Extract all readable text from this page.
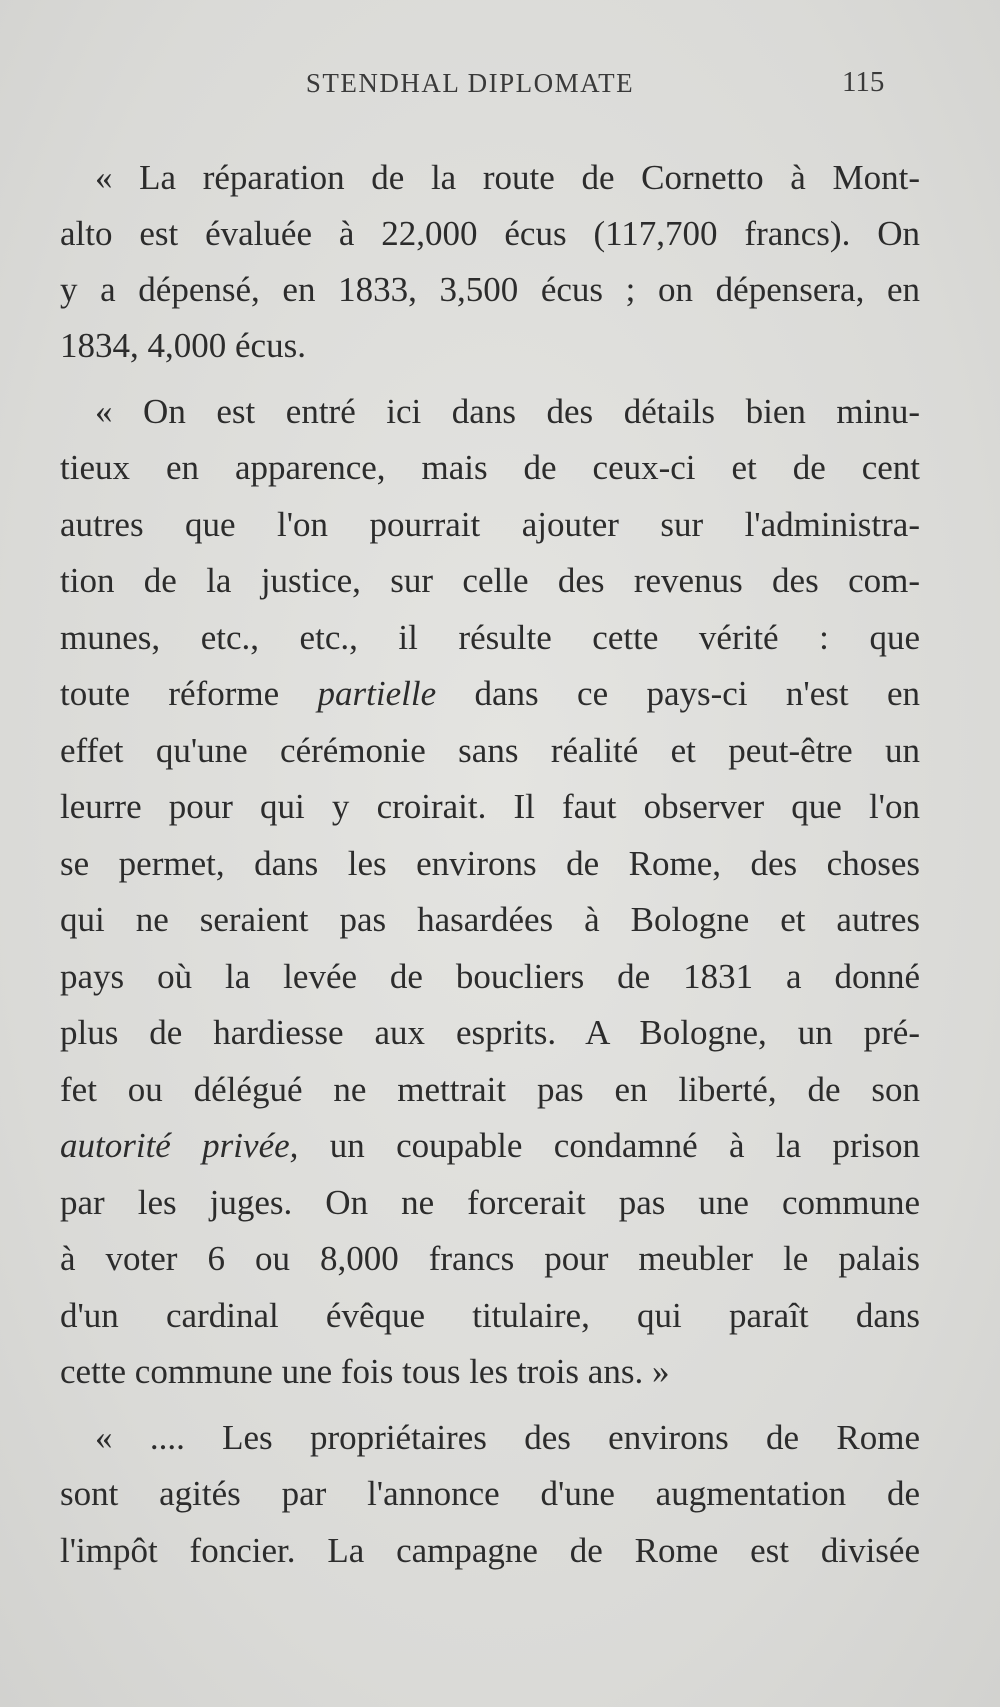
STENDHAL DIPLOMATE	115
« La réparation de la route de Cornetto à Mont-
alto est évaluée à 22,000 écus (117,700 francs). On
y a dépensé, en 1833, 3,500 écus ; on dépensera, en
1834, 4,000 écus.
« On est entré ici dans des détails bien minu-
tieux en apparence, mais de ceux-ci et de cent
autres que l'on pourrait ajouter sur l'administra-
tion de la justice, sur celle des revenus des com-
munes, etc., etc., il résulte cette vérité : que
toute réforme partielle dans ce pays-ci n'est en
effet qu'une cérémonie sans réalité et peut-être un
leurre pour qui y croirait. Il faut observer que l'on
se permet, dans les environs de Rome, des choses
qui ne seraient pas hasardées à Bologne et autres
pays où la levée de boucliers de 1831 a donné
plus de hardiesse aux esprits. A Bologne, un pré-
fet ou délégué ne mettrait pas en liberté, de son
autorité privée, un coupable condamné à la prison
par les juges. On ne forcerait pas une commune
à voter 6 ou 8,000 francs pour meubler le palais
d'un cardinal évêque titulaire, qui paraît dans
cette commune une fois tous les trois ans. »
« .... Les propriétaires des environs de Rome
sont agités par l'annonce d'une augmentation de
l'impôt foncier. La campagne de Rome est divisée
